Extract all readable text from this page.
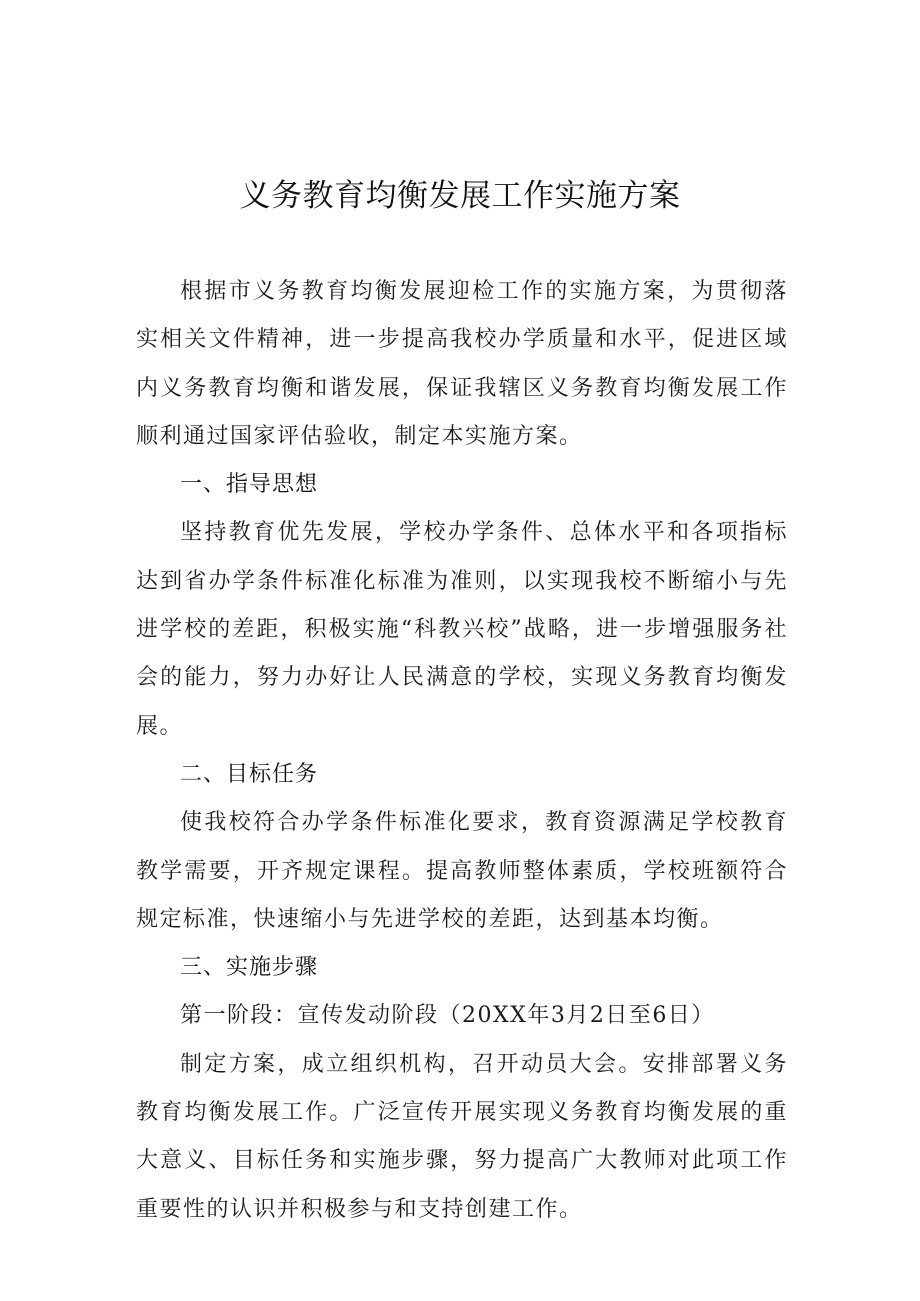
义务教育均衡发展工作实施方案

根据市义务教育均衡发展迎检工作的实施方案，为贯彻落实相关文件精神，进一步提高我校办学质量和水平，促进区域内义务教育均衡和谐发展，保证我辖区义务教育均衡发展工作顺利通过国家评估验收，制定本实施方案。

一、指导思想

坚持教育优先发展，学校办学条件、总体水平和各项指标达到省办学条件标准化标准为准则，以实现我校不断缩小与先进学校的差距，积极实施“科教兴校”战略，进一步增强服务社会的能力，努力办好让人民满意的学校，实现义务教育均衡发展。

二、目标任务

使我校符合办学条件标准化要求，教育资源满足学校教育教学需要，开齐规定课程。提高教师整体素质，学校班额符合规定标准，快速缩小与先进学校的差距，达到基本均衡。

三、实施步骤

第一阶段：宣传发动阶段（20XX年3月2日至6日）

制定方案，成立组织机构，召开动员大会。安排部署义务教育均衡发展工作。广泛宣传开展实现义务教育均衡发展的重大意义、目标任务和实施步骤，努力提高广大教师对此项工作重要性的认识并积极参与和支持创建工作。
